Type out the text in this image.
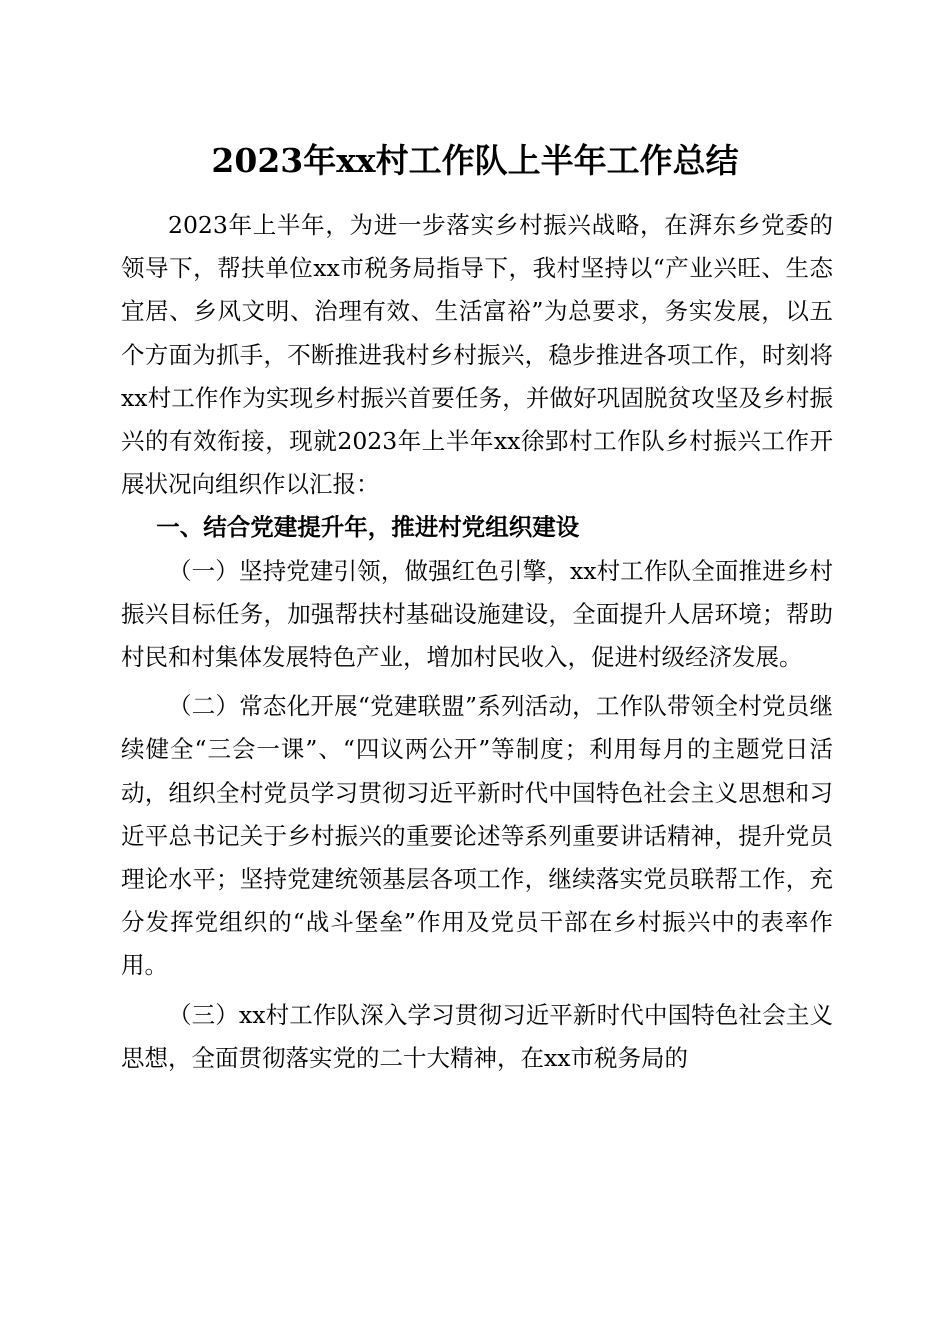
2023年xx村工作队上半年工作总结

2023年上半年，为进一步落实乡村振兴战略，在湃东乡党委的领导下，帮扶单位xx市税务局指导下，我村坚持以“产业兴旺、生态宜居、乡风文明、治理有效、生活富裕”为总要求，务实发展，以五个方面为抓手，不断推进我村乡村振兴，稳步推进各项工作，时刻将xx村工作作为实现乡村振兴首要任务，并做好巩固脱贫攻坚及乡村振兴的有效衔接，现就2023年上半年xx徐郢村工作队乡村振兴工作开展状况向组织作以汇报：

一、结合党建提升年，推进村党组织建设

（一）坚持党建引领，做强红色引擎，xx村工作队全面推进乡村振兴目标任务，加强帮扶村基础设施建设，全面提升人居环境；帮助村民和村集体发展特色产业，增加村民收入，促进村级经济发展。

（二）常态化开展“党建联盟”系列活动，工作队带领全村党员继续健全“三会一课”、“四议两公开”等制度；利用每月的主题党日活动，组织全村党员学习贯彻习近平新时代中国特色社会主义思想和习近平总书记关于乡村振兴的重要论述等系列重要讲话精神，提升党员理论水平；坚持党建统领基层各项工作，继续落实党员联帮工作，充分发挥党组织的“战斗堡垒”作用及党员干部在乡村振兴中的表率作用。

（三）xx村工作队深入学习贯彻习近平新时代中国特色社会主义思想，全面贯彻落实党的二十大精神，在xx市税务局的
